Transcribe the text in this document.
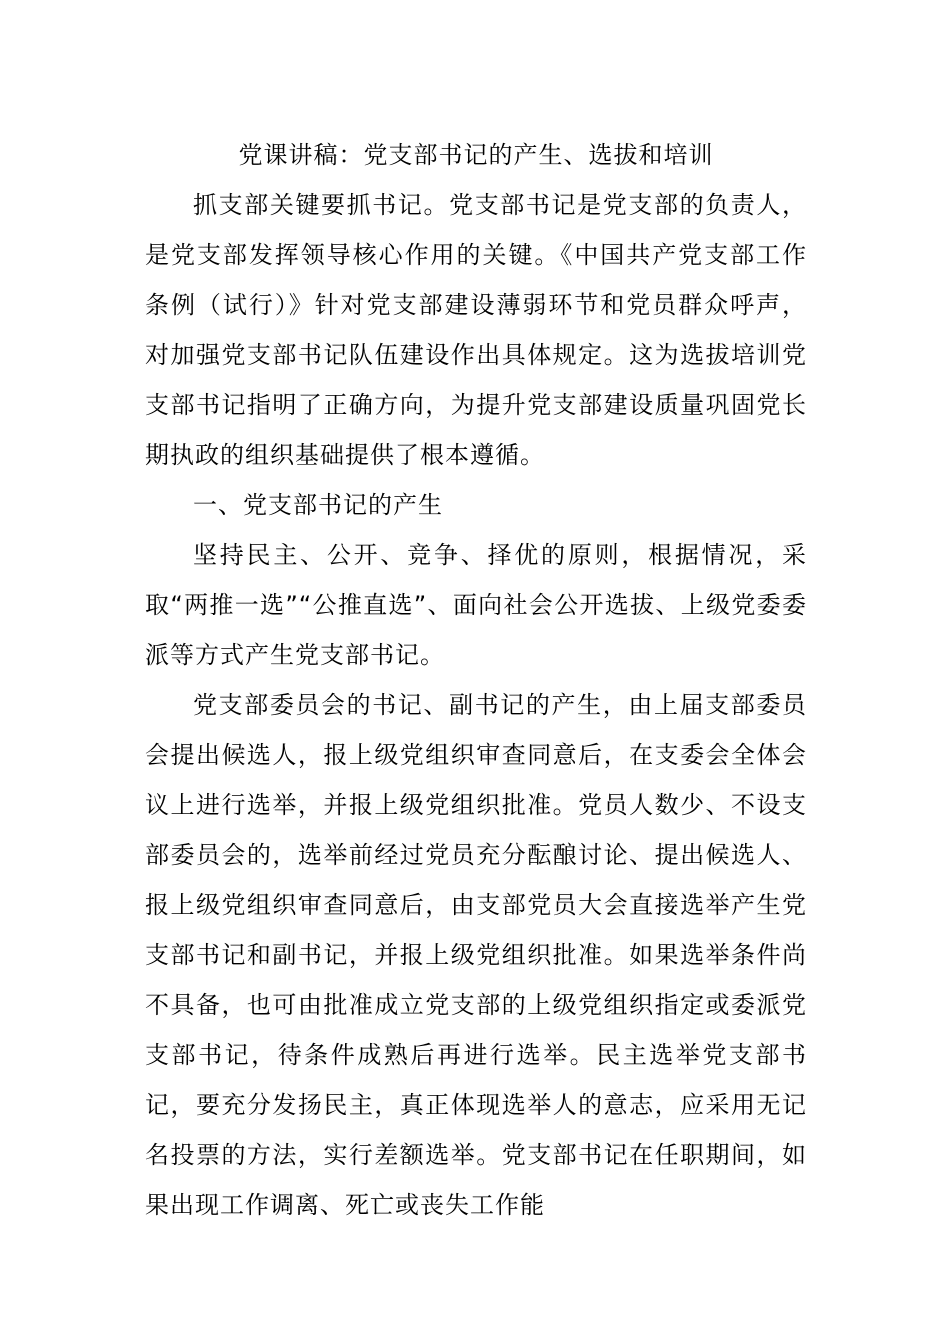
党课讲稿：党支部书记的产生、选拔和培训

抓支部关键要抓书记。党支部书记是党支部的负责人，是党支部发挥领导核心作用的关键。《中国共产党支部工作条例（试行）》针对党支部建设薄弱环节和党员群众呼声，对加强党支部书记队伍建设作出具体规定。这为选拔培训党支部书记指明了正确方向，为提升党支部建设质量巩固党长期执政的组织基础提供了根本遵循。

一、党支部书记的产生

坚持民主、公开、竞争、择优的原则，根据情况，采取“两推一选”“公推直选”、面向社会公开选拔、上级党委委派等方式产生党支部书记。

党支部委员会的书记、副书记的产生，由上届支部委员会提出候选人，报上级党组织审查同意后，在支委会全体会议上进行选举，并报上级党组织批准。党员人数少、不设支部委员会的，选举前经过党员充分酝酿讨论、提出候选人、报上级党组织审查同意后，由支部党员大会直接选举产生党支部书记和副书记，并报上级党组织批准。如果选举条件尚不具备，也可由批准成立党支部的上级党组织指定或委派党支部书记，待条件成熟后再进行选举。民主选举党支部书记，要充分发扬民主，真正体现选举人的意志，应采用无记名投票的方法，实行差额选举。党支部书记在任职期间，如果出现工作调离、死亡或丧失工作能
